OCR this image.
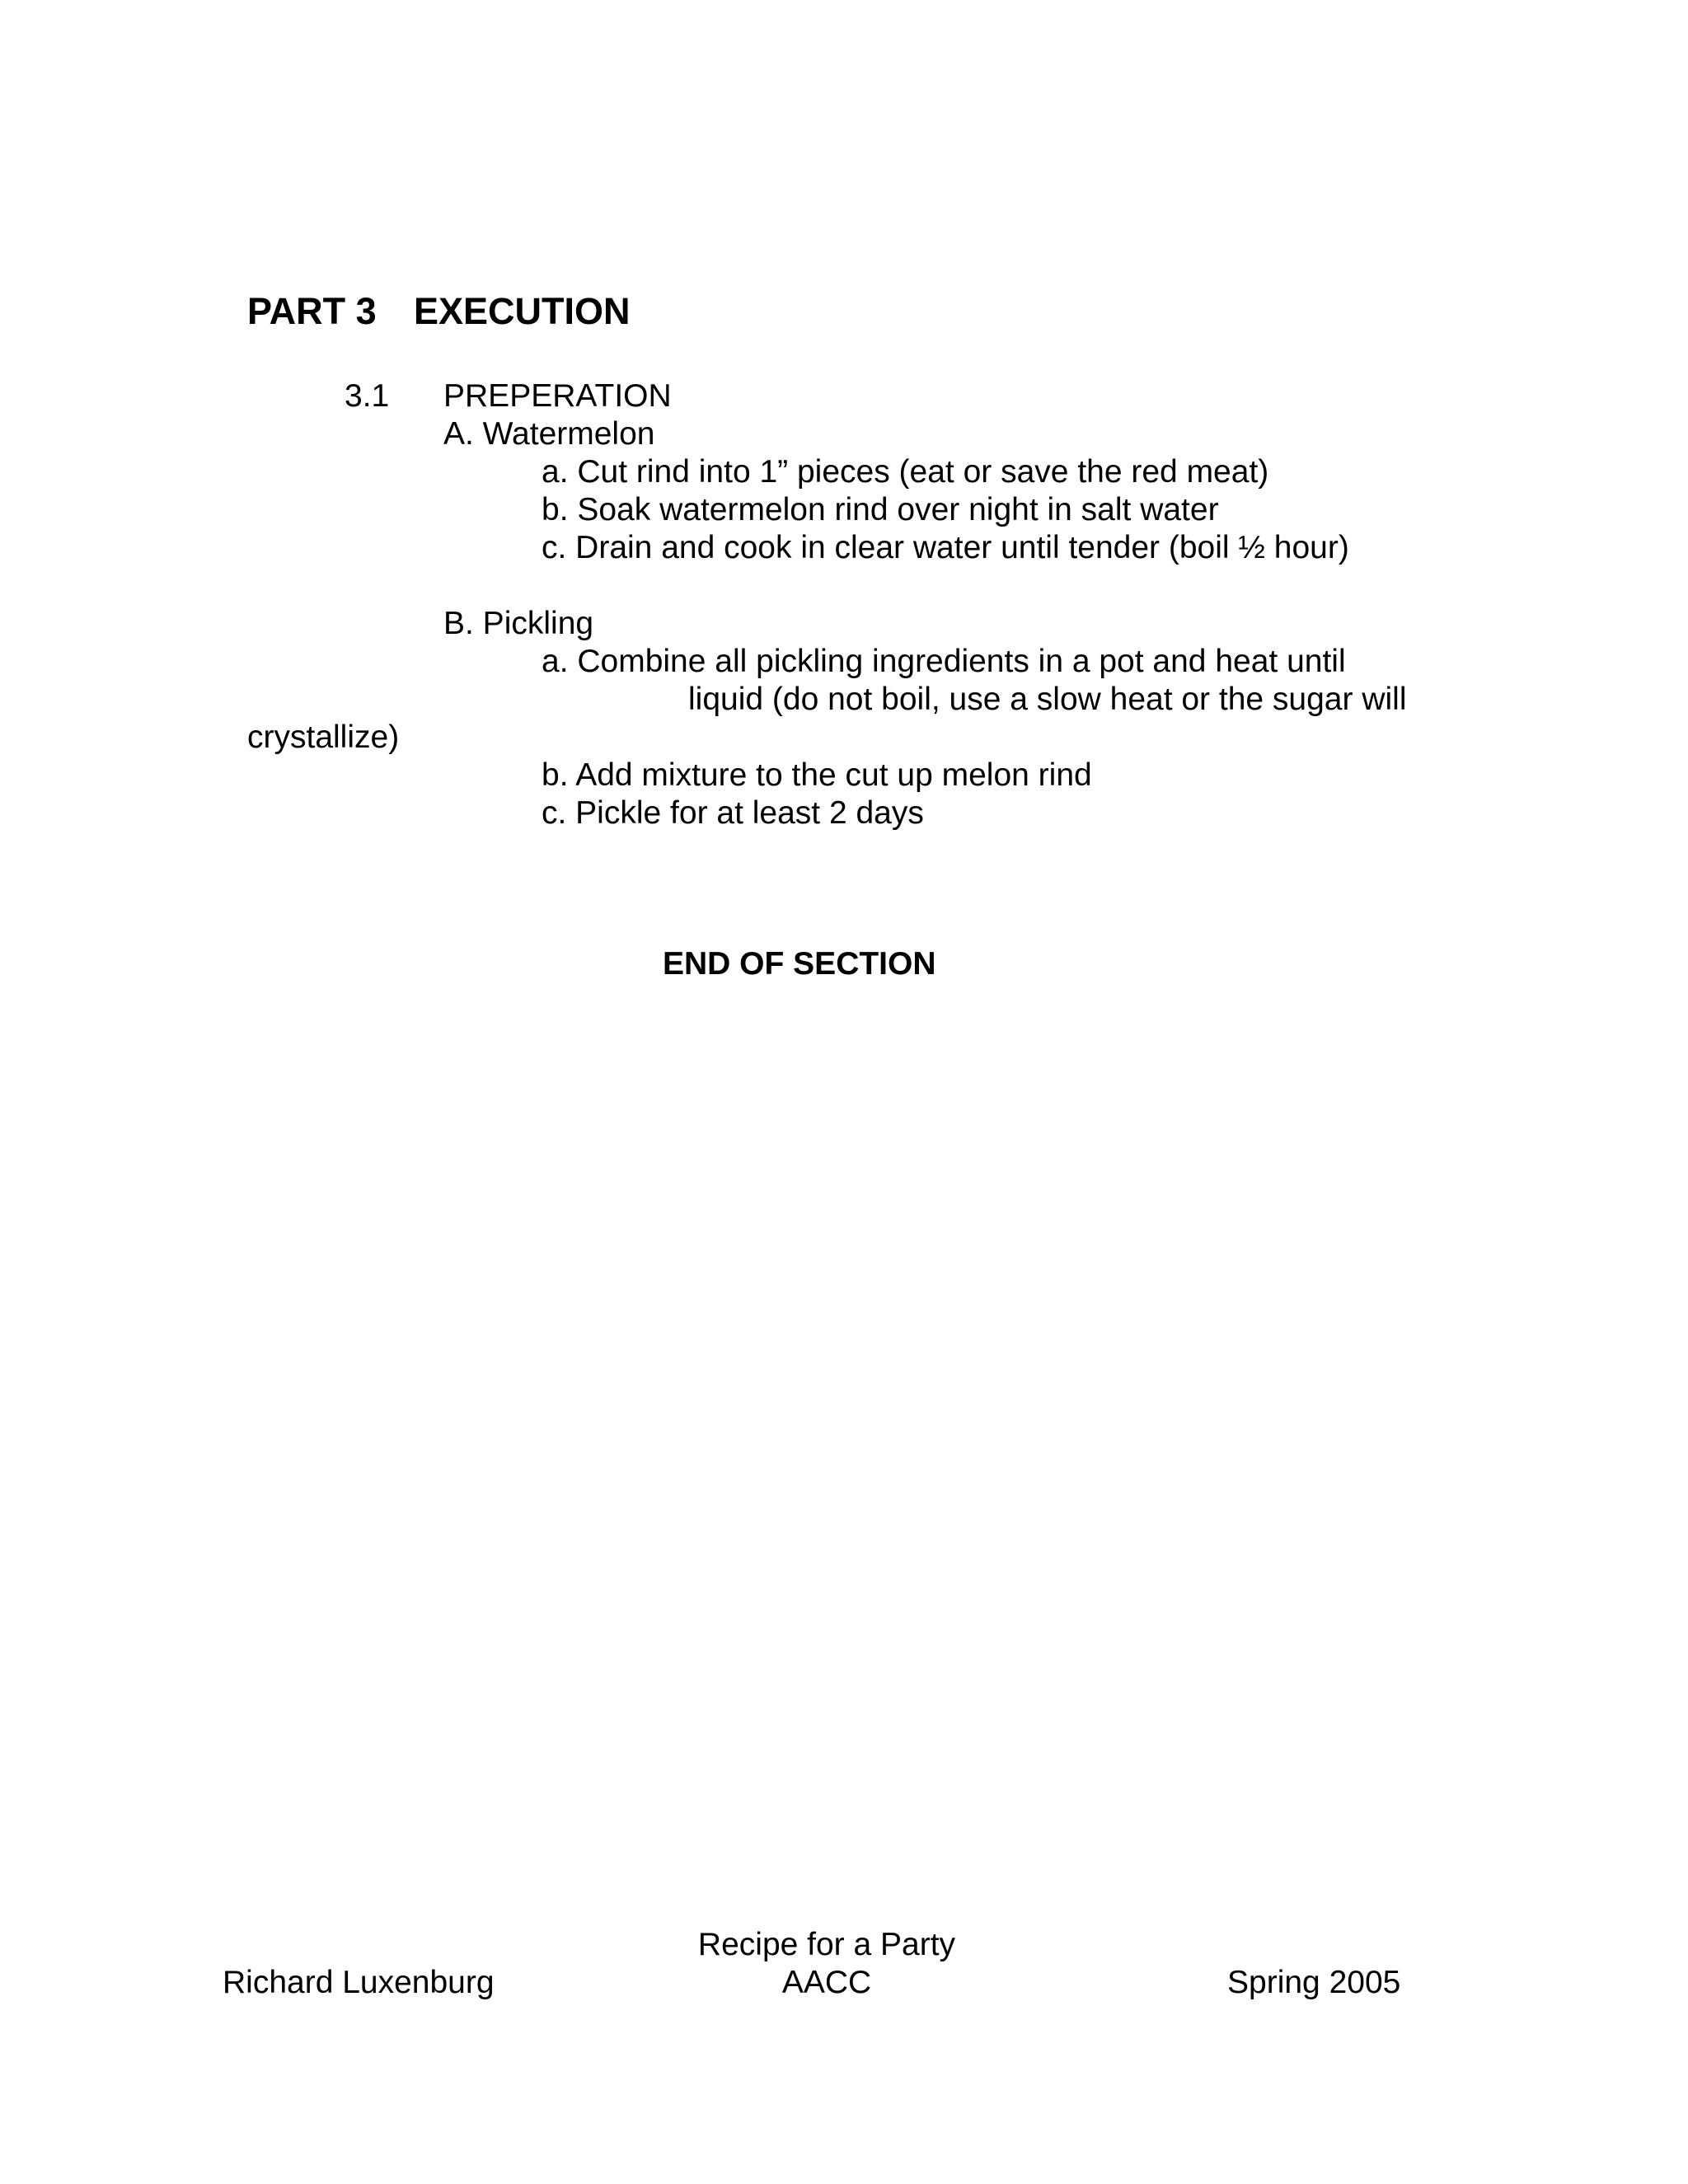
PART 3 EXECUTION
3.1 PREPERATION
A. Watermelon
a. Cut rind into 1” pieces (eat or save the red meat)
b. Soak watermelon rind over night in salt water
c. Drain and cook in clear water until tender (boil ½ hour)
B. Pickling
a. Combine all pickling ingredients in a pot and heat until
liquid (do not boil, use a slow heat or the sugar will
crystallize)
b. Add mixture to the cut up melon rind
c. Pickle for at least 2 days
END OF SECTION
Recipe for a Party
Richard Luxenburg	AACC	Spring 2005
